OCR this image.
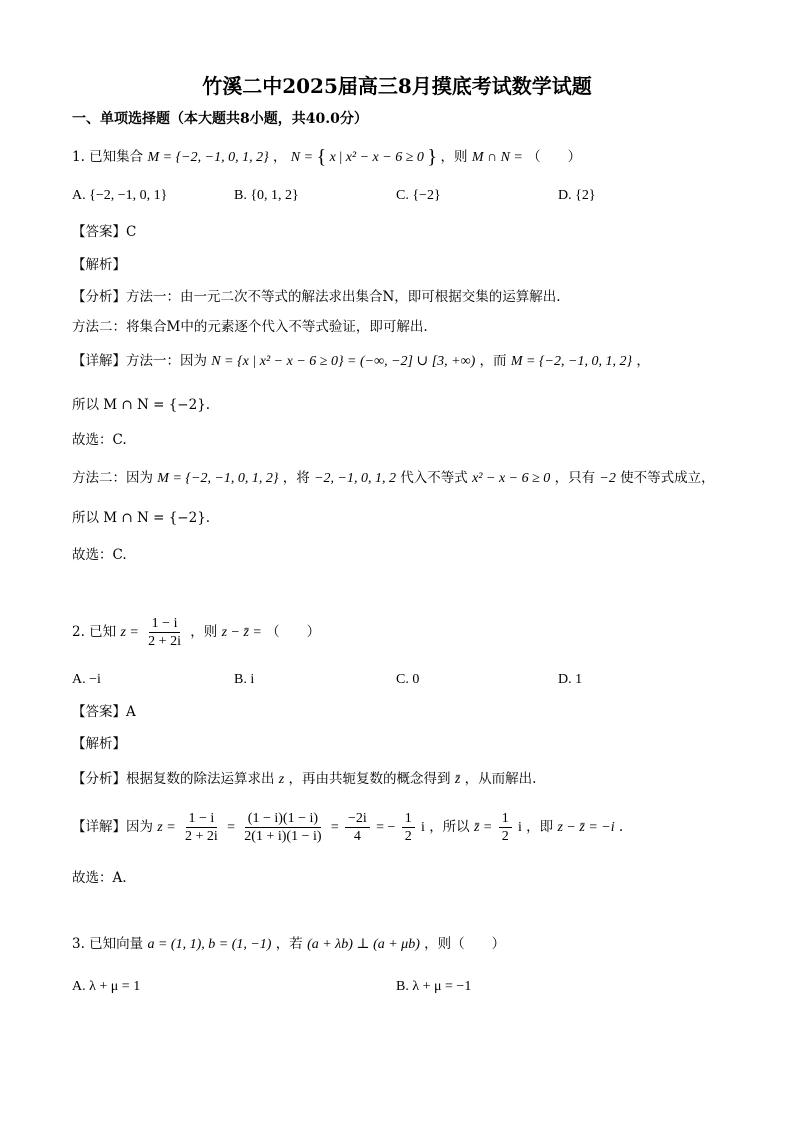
竹溪二中2025届高三8月摸底考试数学试题
一、单项选择题（本大题共8小题，共40.0分）
1. 已知集合 M = {−2, −1, 0, 1, 2} ， N = { x | x² − x − 6 ≥ 0 } ，则 M ∩ N = （　　）
A. {−2, −1, 0, 1}	B. {0, 1, 2}	C. {−2}	D. {2}
【答案】C
【解析】
【分析】方法一：由一元二次不等式的解法求出集合N，即可根据交集的运算解出.
方法二：将集合M中的元素逐个代入不等式验证，即可解出.
【详解】方法一：因为 N = {x | x² − x − 6 ≥ 0} = (−∞, −2] ∪ [3, +∞) ，而 M = {−2, −1, 0, 1, 2} ，
所以 M ∩ N = {−2}.
故选：C.
方法二：因为 M = {−2, −1, 0, 1, 2} ，将 −2, −1, 0, 1, 2 代入不等式 x² − x − 6 ≥ 0 ，只有 −2 使不等式成立，
所以 M ∩ N = {−2}.
故选：C.
2. 已知 $z = \frac{1 - i}{2 + 2i}$ ，则 z − z̄ = （　　）
A. −i	B. i	C. 0	D. 1
【答案】A
【解析】
【分析】根据复数的除法运算求出 z ，再由共轭复数的概念得到 z̄ ，从而解出.
【详解】因为 $z = \frac{1 - i}{2 + 2i} = \frac{(1 - i)(1 - i)}{2(1 + i)(1 - i)} = \frac{-2i}{4}$ = − $\frac{1}{2}$ i ，所以 z̄ = $\frac{1}{2}$ i ，即 z − z̄ = −i .
故选：A.
3. 已知向量 a = (1, 1), b = (1, −1) ，若 (a + λb) ⊥ (a + μb) ，则（　　）
A. λ + μ = 1	B. λ + μ = −1
